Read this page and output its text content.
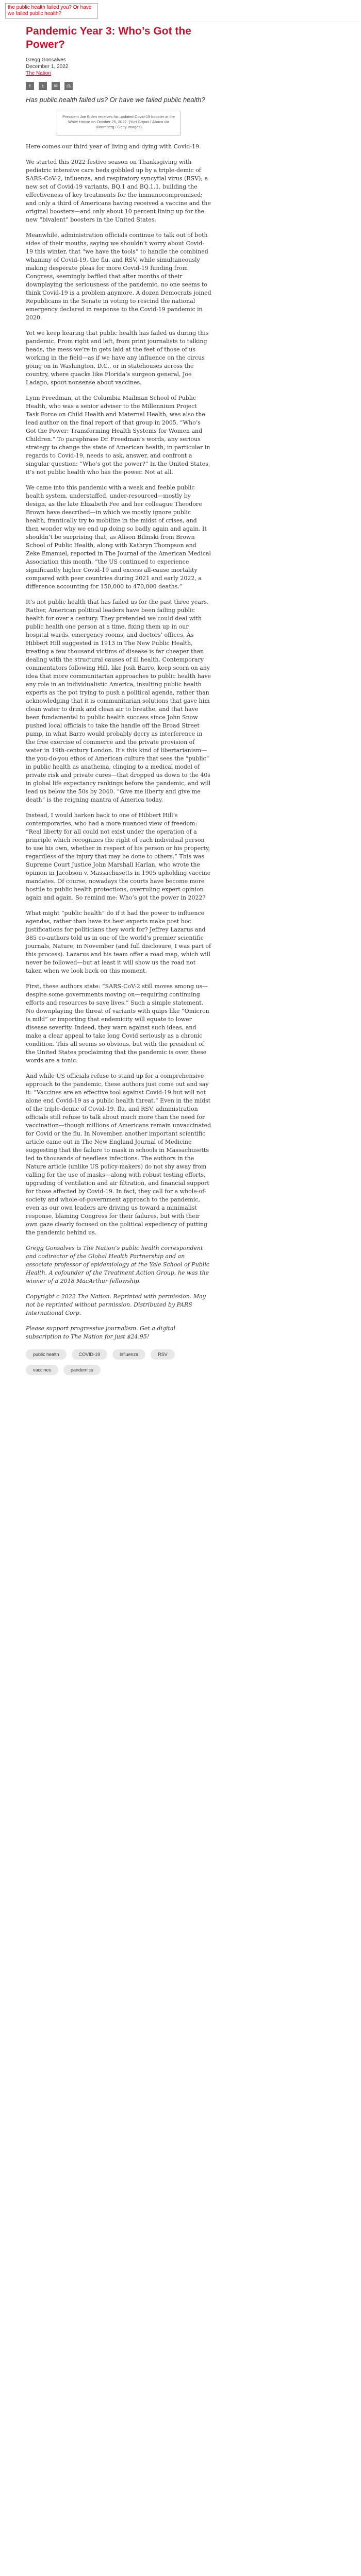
the public health failed you? Or have we failed public health?
Pandemic Year 3: Who’s Got the Power?
Gregg Gonsalves
December 1, 2022
The Nation
f t ✉ ⎙
Has public health failed us? Or have we failed public health?
President Joe Biden receives his updated Covid-19 booster at the White House on October 25, 2022. (Yuri Gripas / Abaca via Bloomberg / Getty Images)

Here comes our third year of living and dying with Covid-19.

We started this 2022 festive season on Thanksgiving with pediatric intensive care beds gobbled up by a triple-demic of SARS-CoV-2, influenza, and respiratory syncytial virus (RSV); a new set of Covid-19 variants, BQ.1 and BQ.1.1, building the effectiveness of key treatments for the immunocompromised; and only a third of Americans having received a vaccine and the original boosters—and only about 10 percent lining up for the new “bivalent” boosters in the United States.

Meanwhile, administration officials continue to talk out of both sides of their mouths, saying we shouldn’t worry about Covid-19 this winter, that “we have the tools” to handle the combined whammy of Covid-19, the flu, and RSV, while simultaneously making desperate pleas for more Covid-19 funding from Congress, seemingly baffled that after months of their downplaying the seriousness of the pandemic, no one seems to think Covid-19 is a problem anymore. A dozen Democrats joined Republicans in the Senate in voting to rescind the national emergency declared in response to the Covid-19 pandemic in 2020.

Yet we keep hearing that public health has failed us during this pandemic. From right and left, from print journalists to talking heads, the mess we’re in gets laid at the feet of those of us working in the field—as if we have any influence on the circus going on in Washington, D.C., or in statehouses across the country, where quacks like Florida’s surgeon general, Joe Ladapo, spout nonsense about vaccines.

Lynn Freedman, at the Columbia Mailman School of Public Health, who was a senior adviser to the Millennium Project Task Force on Child Health and Maternal Health, was also the lead author on the final report of that group in 2005, “Who’s Got the Power: Transforming Health Systems for Women and Children.” To paraphrase Dr. Freedman’s words, any serious strategy to change the state of American health, in particular in regards to Covid-19, needs to ask, answer, and confront a singular question: “Who’s got the power?” In the United States, it’s not public health who has the power. Not at all.

We came into this pandemic with a weak and feeble public health system, understaffed, under-resourced—mostly by design, as the late Elizabeth Fee and her colleague Theodore Brown have described—in which we mostly ignore public health, frantically try to mobilize in the midst of crises, and then wonder why we end up doing so badly again and again. It shouldn’t be surprising that, as Alison Bilinski from Brown School of Public Health, along with Kathryn Thompson and Zeke Emanuel, reported in The Journal of the American Medical Association this month, “the US continued to experience significantly higher Covid-19 and excess all-cause mortality compared with peer countries during 2021 and early 2022, a difference accounting for 150,000 to 470,000 deaths.”

It’s not public health that has failed us for the past three years. Rather, American political leaders have been failing public health for over a century. They pretended we could deal with public health one person at a time, fixing them up in our hospital wards, emergency rooms, and doctors’ offices. As Hibbert Hill suggested in 1913 in The New Public Health, treating a few thousand victims of disease is far cheaper than dealing with the structural causes of ill health. Contemporary commentators following Hill, like Josh Barro, keep scorn on any idea that more communitarian approaches to public health have any role in an individualistic America, insulting public health experts as the pot trying to push a political agenda, rather than acknowledging that it is communitarian solutions that gave him clean water to drink and clean air to breathe, and that have been fundamental to public health success since John Snow pushed local officials to take the handle off the Broad Street pump, in what Barro would probably decry as interference in the free exercise of commerce and the private provision of water in 19th-century London. It’s this kind of libertarianism—the you-do-you ethos of American culture that sees the “public” in public health as anathema, clinging to a medical model of private risk and private cures—that dropped us down to the 40s in global life expectancy rankings before the pandemic, and will lead us below the 50s by 2040. “Give me liberty and give me death” is the reigning mantra of America today.

Instead, I would harken back to one of Hibbert Hill’s contemporaries, who had a more nuanced view of freedom: “Real liberty for all could not exist under the operation of a principle which recognizes the right of each individual person to use his own, whether in respect of his person or his property, regardless of the injury that may be done to others.” This was Supreme Court Justice John Marshall Harlan, who wrote the opinion in Jacobson v. Massachusetts in 1905 upholding vaccine mandates. Of course, nowadays the courts have become more hostile to public health protections, overruling expert opinion again and again. So remind me: Who’s got the power in 2022?

What might “public health” do if it had the power to influence agendas, rather than have its best experts make post hoc justifications for politicians they work for? Jeffrey Lazarus and 385 co-authors told us in one of the world’s premier scientific journals, Nature, in November (and full disclosure, I was part of this process). Lazarus and his team offer a road map, which will never be followed—but at least it will show us the road not taken when we look back on this moment.

First, these authors state: “SARS-CoV-2 still moves among us—despite some governments moving on—requiring continuing efforts and resources to save lives.” Such a simple statement. No downplaying the threat of variants with quips like “Omicron is mild” or importing that endemicity will equate to lower disease severity. Indeed, they warn against such ideas, and make a clear appeal to take long Covid seriously as a chronic condition. This all seems so obvious, but with the president of the United States proclaiming that the pandemic is over, these words are a tonic.

And while US officials refuse to stand up for a comprehensive approach to the pandemic, these authors just come out and say it: “Vaccines are an effective tool against Covid-19 but will not alone end Covid-19 as a public health threat.” Even in the midst of the triple-demic of Covid-19, flu, and RSV, administration officials still refuse to talk about much more than the need for vaccination—though millions of Americans remain unvaccinated for Covid or the flu. In November, another important scientific article came out in The New England Journal of Medicine suggesting that the failure to mask in schools in Massachusetts led to thousands of needless infections. The authors in the Nature article (unlike US policy-makers) do not shy away from calling for the use of masks—along with robust testing efforts, upgrading of ventilation and air filtration, and financial support for those affected by Covid-19. In fact, they call for a whole-of-society and whole-of-government approach to the pandemic, even as our own leaders are driving us toward a minimalist response, blaming Congress for their failures, but with their own gaze clearly focused on the political expediency of putting the pandemic behind us.

Gregg Gonsalves is The Nation’s public health correspondent and codirector of the Global Health Partnership and an associate professor of epidemiology at the Yale School of Public Health. A cofounder of the Treatment Action Group, he was the winner of a 2018 MacArthur fellowship.

Copyright c 2022 The Nation. Reprinted with permission. May not be reprinted without permission. Distributed by PARS International Corp.

Please support progressive journalism. Get a digital subscription to The Nation for just $24.95!

public health	COVID-19	influenza	RSVvaccines	pandemics
